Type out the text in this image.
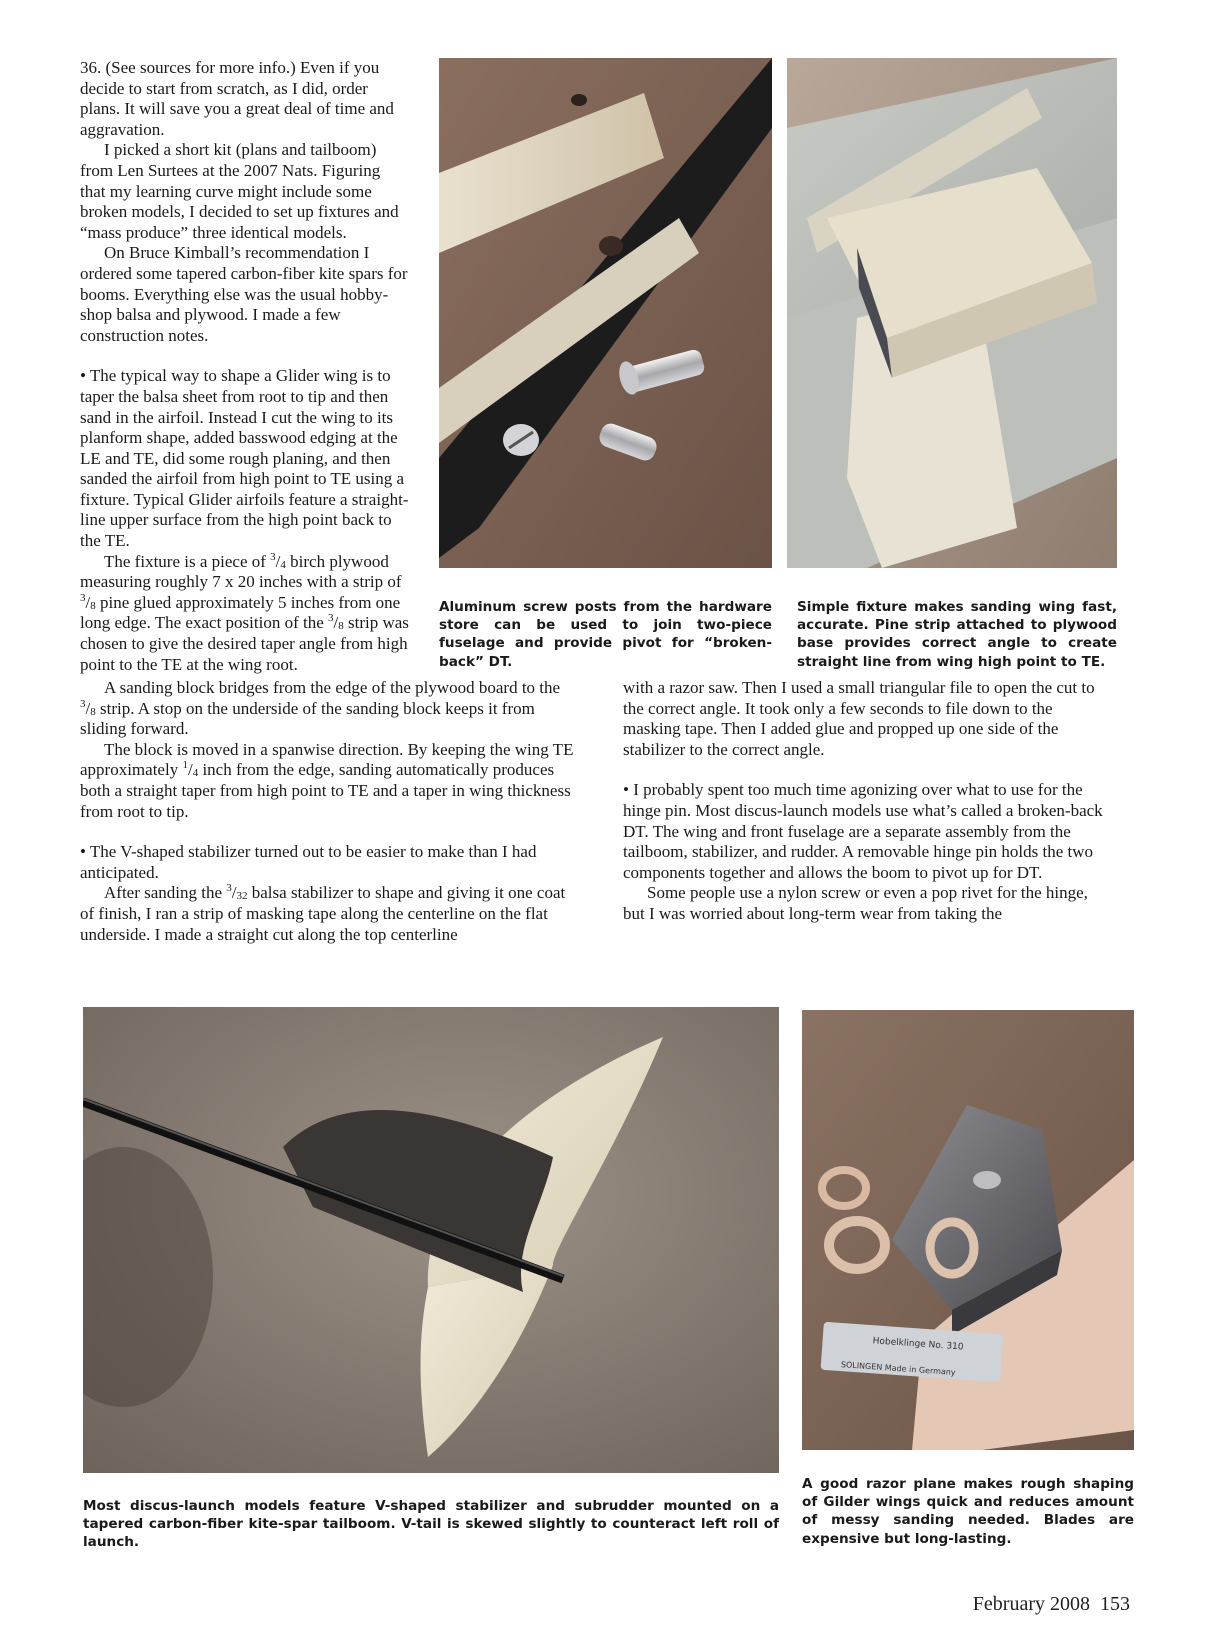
36. (See sources for more info.) Even if you decide to start from scratch, as I did, order plans. It will save you a great deal of time and aggravation.

I picked a short kit (plans and tailboom) from Len Surtees at the 2007 Nats. Figuring that my learning curve might include some broken models, I decided to set up fixtures and “mass produce” three identical models.

On Bruce Kimball’s recommendation I ordered some tapered carbon-fiber kite spars for booms. Everything else was the usual hobby-shop balsa and plywood. I made a few construction notes.

• The typical way to shape a Glider wing is to taper the balsa sheet from root to tip and then sand in the airfoil. Instead I cut the wing to its planform shape, added basswood edging at the LE and TE, did some rough planing, and then sanded the airfoil from high point to TE using a fixture. Typical Glider airfoils feature a straight-line upper surface from the high point back to the TE.

The fixture is a piece of $^3/_4$ birch plywood measuring roughly 7 x 20 inches with a strip of $^3/_8$ pine glued approximately 5 inches from one long edge. The exact position of the $^3/_8$ strip was chosen to give the desired taper angle from high point to the TE at the wing root.

A sanding block bridges from the edge of the plywood board to the $^3/_8$ strip. A stop on the underside of the sanding block keeps it from sliding forward.

The block is moved in a spanwise direction. By keeping the wing TE approximately $^1/_4$ inch from the edge, sanding automatically produces both a straight taper from high point to TE and a taper in wing thickness from root to tip.

• The V-shaped stabilizer turned out to be easier to make than I had anticipated.

After sanding the $^3/_{32}$ balsa stabilizer to shape and giving it one coat of finish, I ran a strip of masking tape along the centerline on the flat underside. I made a straight cut along the top centerline

with a razor saw. Then I used a small triangular file to open the cut to the correct angle. It took only a few seconds to file down to the masking tape. Then I added glue and propped up one side of the stabilizer to the correct angle.

• I probably spent too much time agonizing over what to use for the hinge pin. Most discus-launch models use what’s called a broken-back DT. The wing and front fuselage are a separate assembly from the tailboom, stabilizer, and rudder. A removable hinge pin holds the two components together and allows the boom to pivot up for DT.

Some people use a nylon screw or even a pop rivet for the hinge, but I was worried about long-term wear from taking the

Aluminum screw posts from the hardware store can be used to join two-piece fuselage and provide pivot for “broken-back” DT.
Simple fixture makes sanding wing fast, accurate. Pine strip attached to plywood base provides correct angle to create straight line from wing high point to TE.
Hobelklinge No. 310
SOLINGEN Made in Germany
Most discus-launch models feature V-shaped stabilizer and subrudder mounted on a tapered carbon-fiber kite-spar tailboom. V-tail is skewed slightly to counteract left roll of launch.
A good razor plane makes rough shaping of Gilder wings quick and reduces amount of messy sanding needed. Blades are expensive but long-lasting.
February 2008 153
